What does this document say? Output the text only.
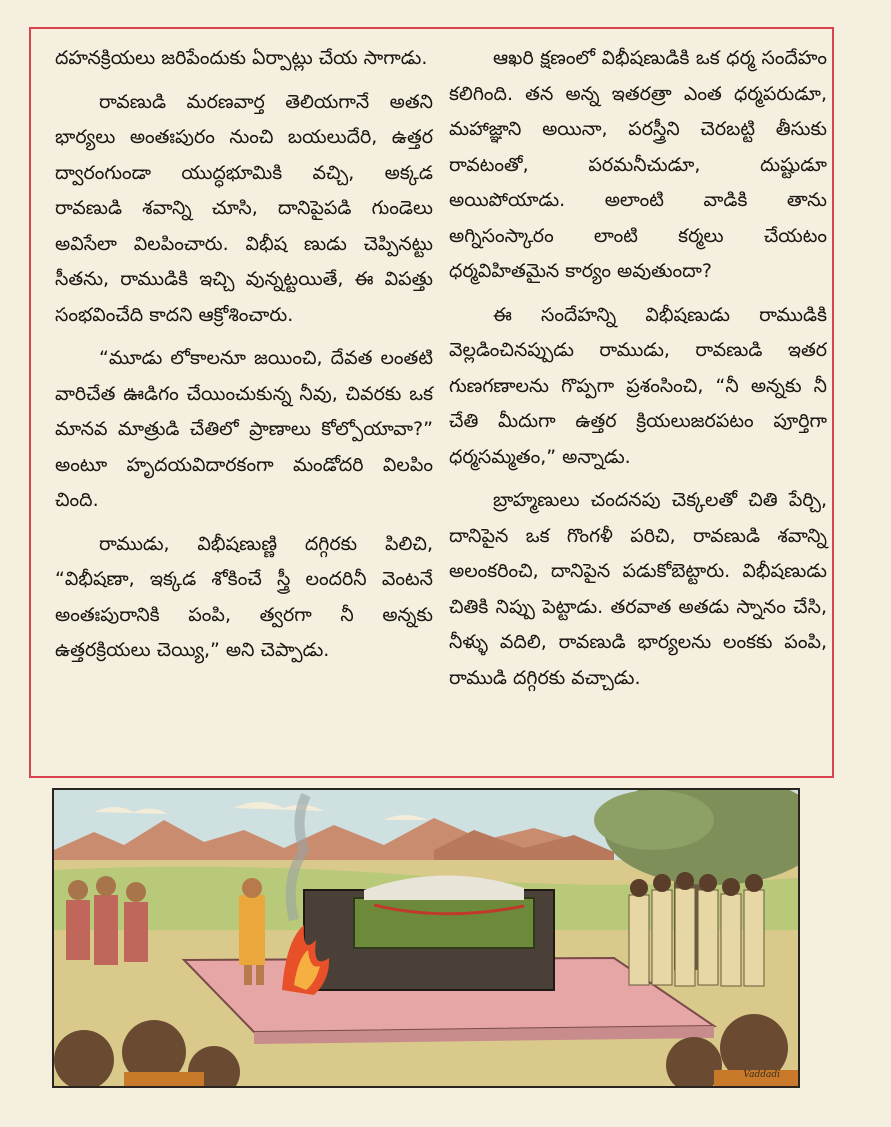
దహనక్రియలు జరిపేందుకు ఏర్పాట్లు చేయ సాగాడు.

రావణుడి మరణవార్త తెలియగానే అతని భార్యలు అంతఃపురం నుంచి బయలుదేరి, ఉత్తర ద్వారంగుండా యుద్ధభూమికి వచ్చి, అక్కడ రావణుడి శవాన్ని చూసి, దానిపైపడి గుండెలు అవిసేలా విలపించారు. విభీష ణుడు చెప్పినట్టు సీతను, రాముడికి ఇచ్చి వున్నట్టయితే, ఈ విపత్తు సంభవించేది కాదని ఆక్రోశించారు.

“మూడు లోకాలనూ జయించి, దేవత లంతటి వారిచేత ఊడిగం చేయించుకున్న నీవు, చివరకు ఒక మానవ మాత్రుడి చేతిలో ప్రాణాలు కోల్పోయావా?” అంటూ హృదయవిదారకంగా మండోదరి విలపిం చింది.

రాముడు, విభీషణుణ్ణి దగ్గిరకు పిలిచి, “విభీషణా, ఇక్కడ శోకించే స్త్రీ లందరినీ వెంటనే అంతఃపురానికి పంపి, త్వరగా నీ అన్నకు ఉత్తరక్రియలు చెయ్యి,” అని చెప్పాడు.

ఆఖరి క్షణంలో విభీషణుడికి ఒక ధర్మ సందేహం కలిగింది. తన అన్న ఇతరత్రా ఎంత ధర్మపరుడూ, మహాజ్ఞాని అయినా, పరస్త్రీని చెరబట్టి తీసుకు రావటంతో, పరమనీచుడూ, దుష్టుడూ అయిపోయాడు. అలాంటి వాడికి తాను అగ్నిసంస్కారం లాంటి కర్మలు చేయటం ధర్మవిహితమైన కార్యం అవుతుందా?

ఈ సందేహన్ని విభీషణుడు రాముడికి వెల్లడించినప్పుడు రాముడు, రావణుడి ఇతర గుణగణాలను గొప్పగా ప్రశంసించి, “నీ అన్నకు నీ చేతి మీదుగా ఉత్తర క్రియలుజరపటం పూర్తిగా ధర్మసమ్మతం,” అన్నాడు.

బ్రాహ్మణులు చందనపు చెక్కలతో చితి పేర్చి, దానిపైన ఒక గొంగళీ పరిచి, రావణుడి శవాన్ని అలంకరించి, దానిపైన పడుకోబెట్టారు. విభీషణుడు చితికి నిప్పు పెట్టాడు. తరవాత అతడు స్నానం చేసి, నీళ్ళు వదిలి, రావణుడి భార్యలను లంకకు పంపి, రాముడి దగ్గిరకు వచ్చాడు.

Vaddadi
